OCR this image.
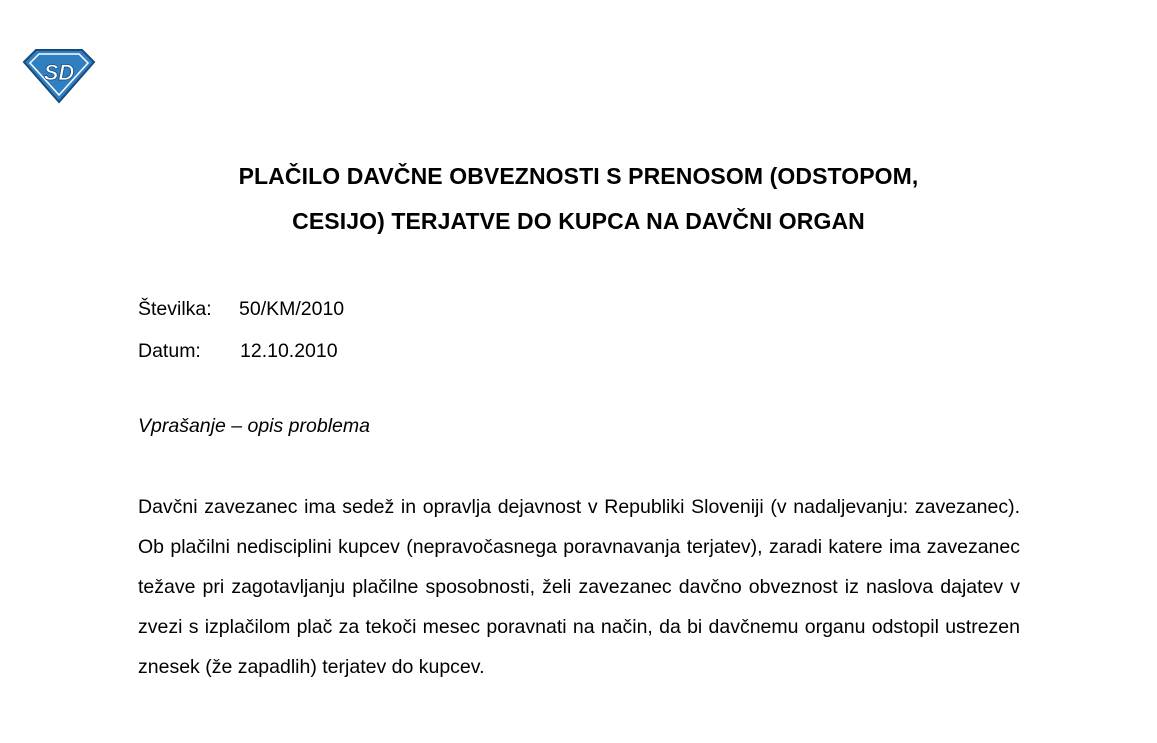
SD
PLAČILO DAVČNE OBVEZNOSTI S PRENOSOM (ODSTOPOM,
CESIJO) TERJATVE DO KUPCA NA DAVČNI ORGAN
Številka:	50/KM/2010
Datum:	12.10.2010
Vprašanje – opis problema

Davčni zavezanec ima sedež in opravlja dejavnost v Republiki Sloveniji (v nadaljevanju: zavezanec). Ob plačilni nedisciplini kupcev (nepravočasnega poravnavanja terjatev), zaradi katere ima zavezanec težave pri zagotavljanju plačilne sposobnosti, želi zavezanec davčno obveznost iz naslova dajatev v zvezi s izplačilom plač za tekoči mesec poravnati na način, da bi davčnemu organu odstopil ustrezen znesek (že zapadlih) terjatev do kupcev.
